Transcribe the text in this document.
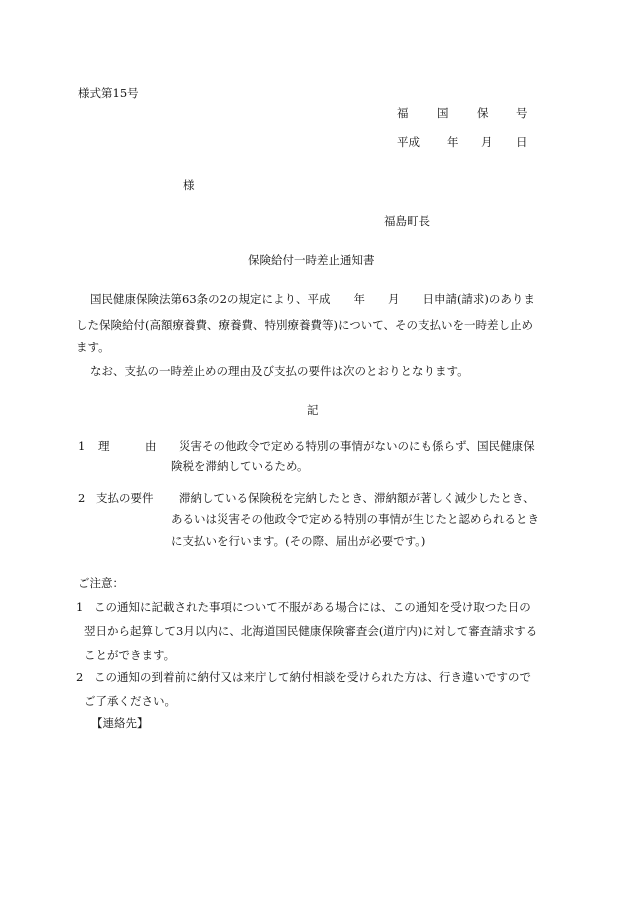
様式第15号
福 国 保 号
平成 年 月 日
様
福島町長
保険給付一時差止通知書
国民健康保険法第63条の2の規定により、平成　　年　　月　　日申請(請求)のありま
した保険給付(高額療養費、療養費、特別療養費等)について、その支払いを一時差し止め
ます。
なお、支払の一時差止めの理由及び支払の要件は次のとおりとなります。
記
1 理	由 災害その他政令で定める特別の事情がないのにも係らず、国民健康保
険税を滞納しているため。
2 支払の要件 滞納している保険税を完納したとき、滞納額が著しく減少したとき、
あるいは災害その他政令で定める特別の事情が生じたと認められるとき
に支払いを行います。(その際、届出が必要です。)
ご注意：
1 この通知に記載された事項について不服がある場合には、この通知を受け取つた日の
翌日から起算して3月以内に、北海道国民健康保険審査会(道庁内)に対して審査請求する
ことができます。
2 この通知の到着前に納付又は来庁して納付相談を受けられた方は、行き違いですので
ご了承ください。
【連絡先】
